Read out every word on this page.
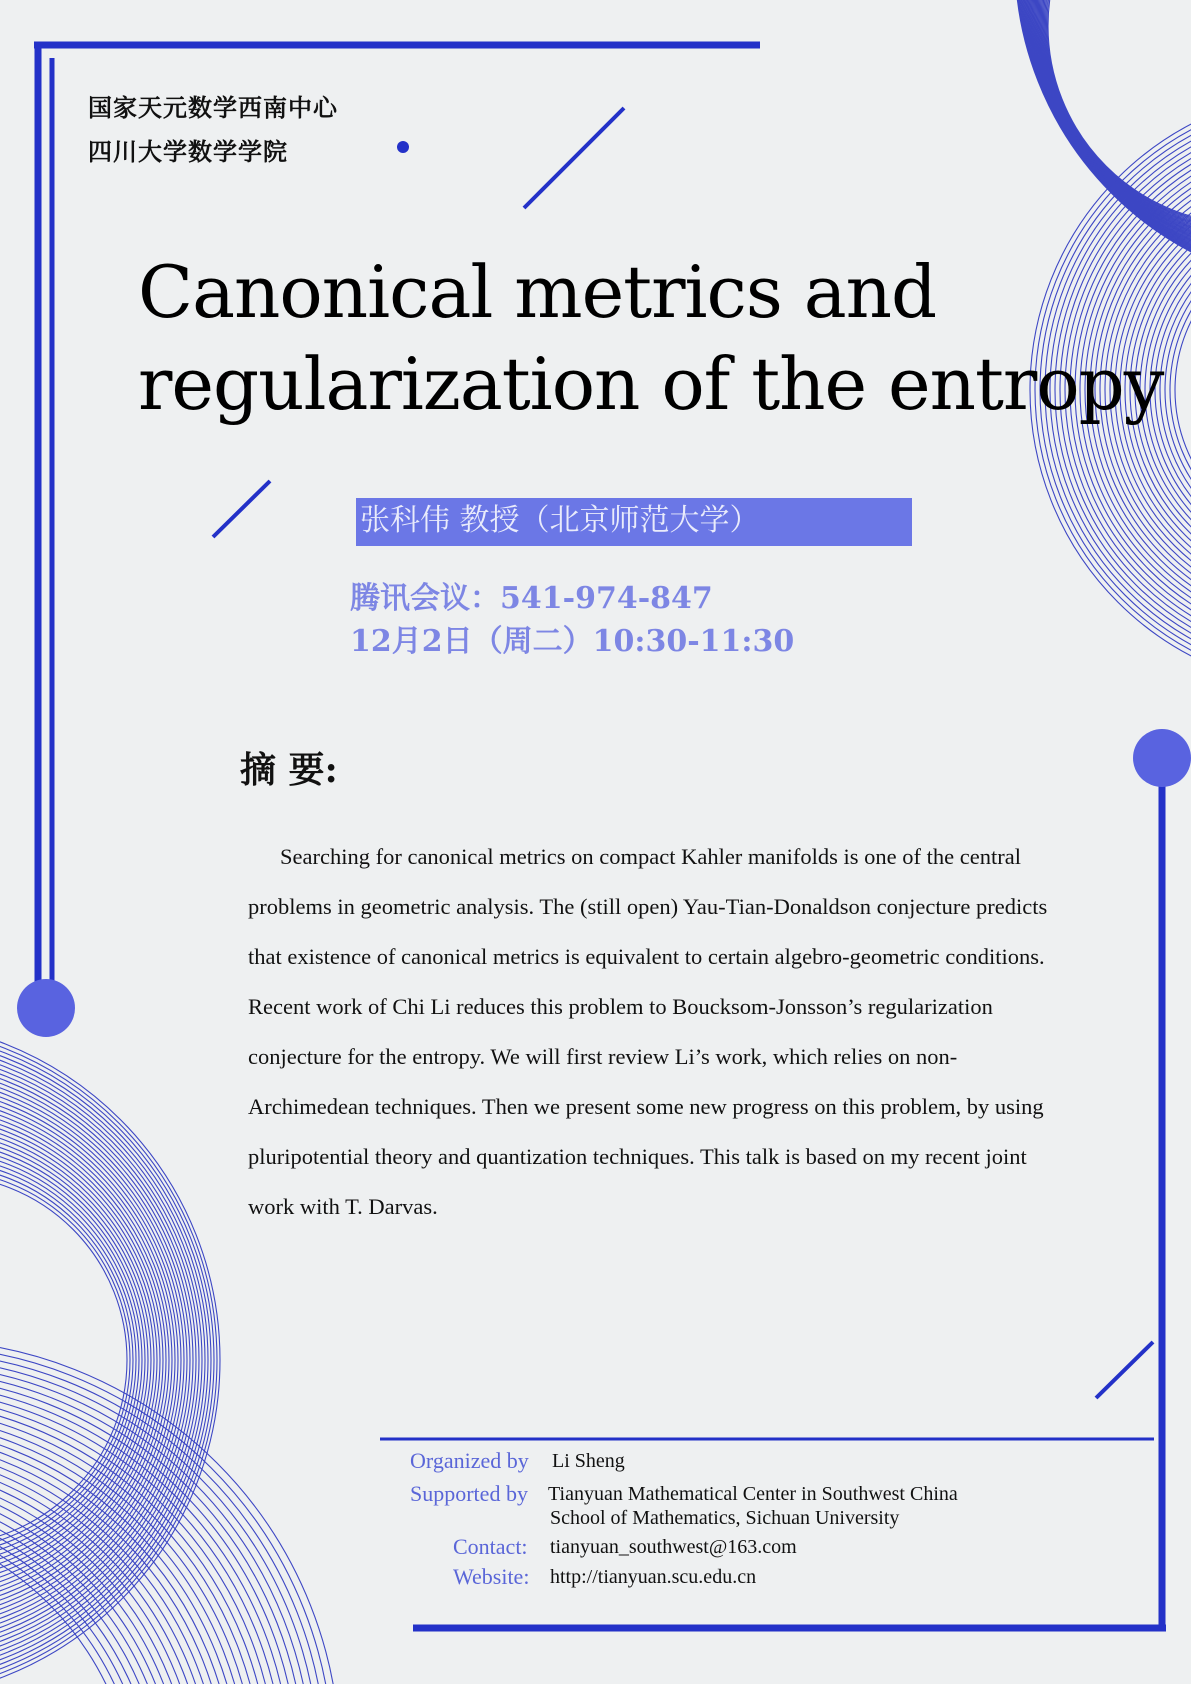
国家天元数学西南中心
四川大学数学学院
Canonical metrics and
regularization of the entropy
张科伟 教授（北京师范大学）
腾讯会议：541-974-847
12月2日（周二）10:30-11:30
摘 要:

Searching for canonical metrics on compact Kahler manifolds is one of the central problems in geometric analysis. The (still open) Yau-Tian-Donaldson conjecture predicts that existence of canonical metrics is equivalent to certain algebro-geometric conditions. Recent work of Chi Li reduces this problem to Boucksom-Jonsson’s regularization conjecture for the entropy. We will first review Li’s work, which relies on non-Archimedean techniques. Then we present some new progress on this problem, by using pluripotential theory and quantization techniques. This talk is based on my recent joint work with T. Darvas.

Organized by Li Sheng
Supported by Tianyuan Mathematical Center in Southwest China
School of Mathematics, Sichuan University
Contact: tianyuan_southwest@163.com
Website: http://tianyuan.scu.edu.cn
